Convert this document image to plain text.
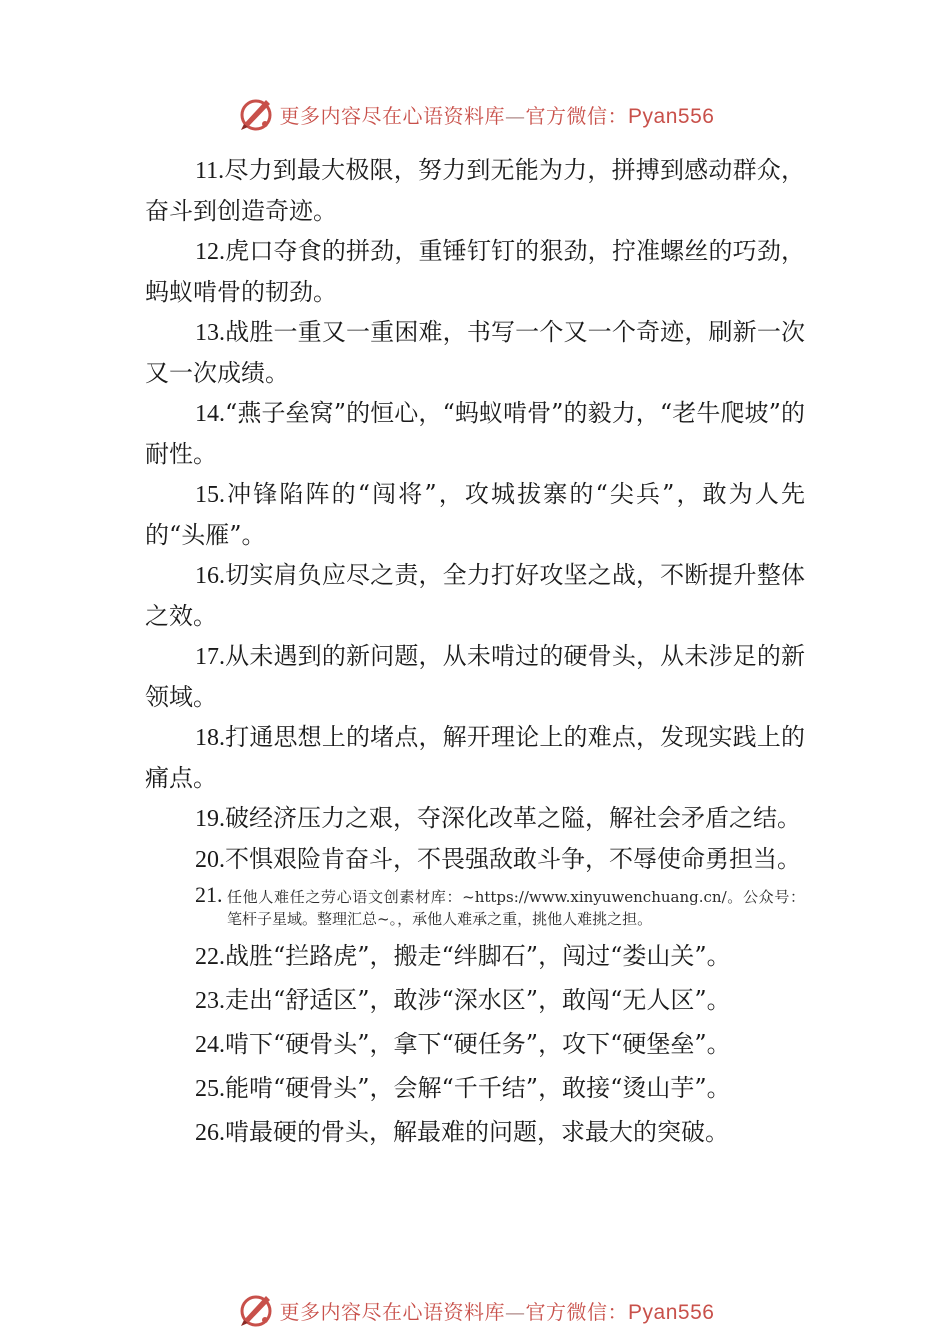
更多内容尽在心语资料库—官方微信：Pyan556

11.尽力到最大极限，努力到无能为力，拼搏到感动群众，奋斗到创造奇迹。

12.虎口夺食的拼劲，重锤钉钉的狠劲，拧准螺丝的巧劲，蚂蚁啃骨的韧劲。

13.战胜一重又一重困难，书写一个又一个奇迹，刷新一次又一次成绩。

14.“燕子垒窝”的恒心，“蚂蚁啃骨”的毅力，“老牛爬坡”的耐性。

15.冲锋陷阵的“闯将”，攻城拔寨的“尖兵”，敢为人先的“头雁”。

16.切实肩负应尽之责，全力打好攻坚之战，不断提升整体之效。

17.从未遇到的新问题，从未啃过的硬骨头，从未涉足的新领域。

18.打通思想上的堵点，解开理论上的难点，发现实践上的痛点。

19.破经济压力之艰，夺深化改革之隘，解社会矛盾之结。

20.不惧艰险肯奋斗，不畏强敌敢斗争，不辱使命勇担当。

21. 任他人难任之劳心语文创素材库：~https://www.xinyuwenchuang.cn/。公众号：笔杆子星域。整理汇总~。，承他人难承之重，挑他人难挑之担。

22.战胜“拦路虎”，搬走“绊脚石”，闯过“娄山关”。

23.走出“舒适区”，敢涉“深水区”，敢闯“无人区”。

24.啃下“硬骨头”，拿下“硬任务”，攻下“硬堡垒”。

25.能啃“硬骨头”，会解“千千结”，敢接“烫山芋”。

26.啃最硬的骨头，解最难的问题，求最大的突破。

更多内容尽在心语资料库—官方微信：Pyan556
